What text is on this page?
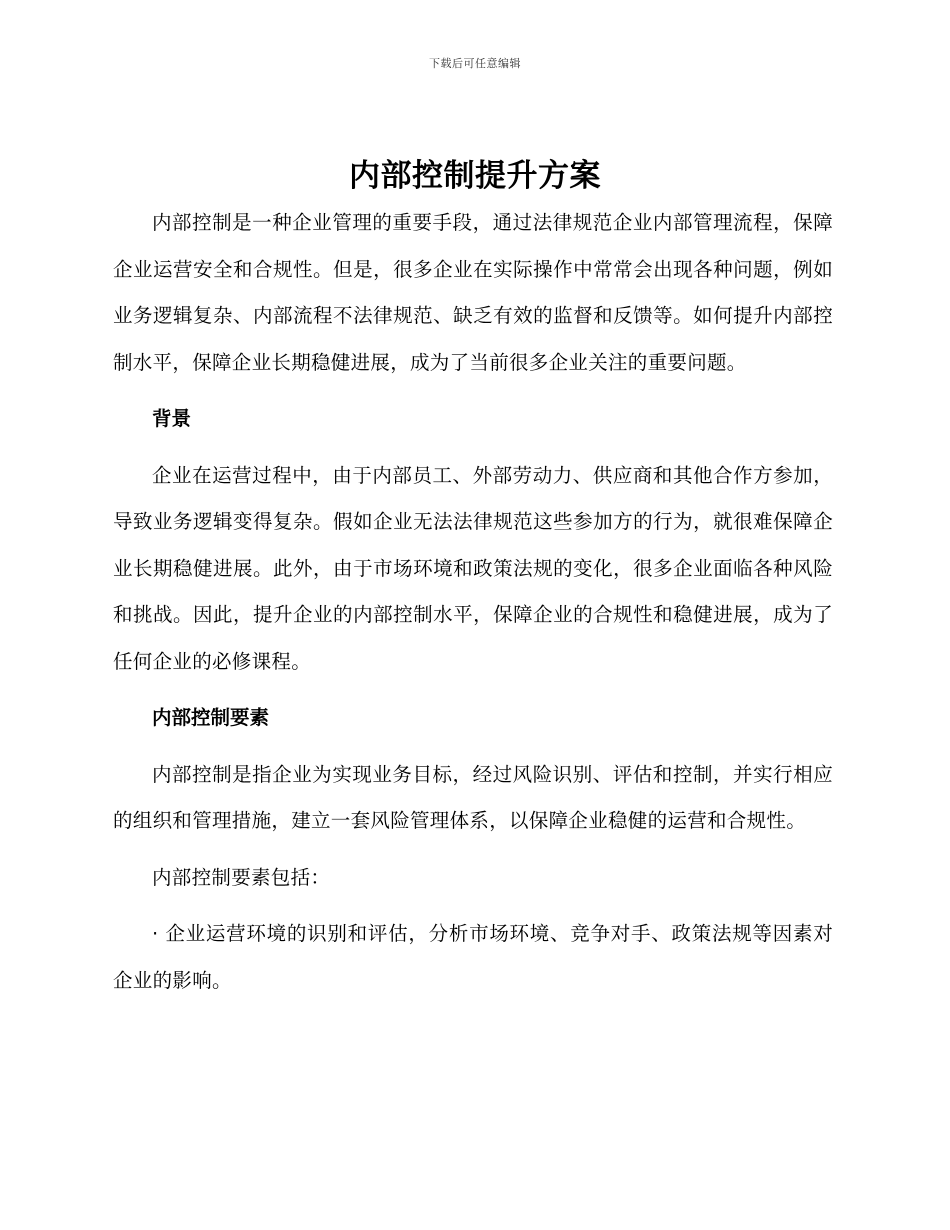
下载后可任意编辑
内部控制提升方案

内部控制是一种企业管理的重要手段，通过法律规范企业内部管理流程，保障企业运营安全和合规性。但是，很多企业在实际操作中常常会出现各种问题，例如业务逻辑复杂、内部流程不法律规范、缺乏有效的监督和反馈等。如何提升内部控制水平，保障企业长期稳健进展，成为了当前很多企业关注的重要问题。

背景

企业在运营过程中，由于内部员工、外部劳动力、供应商和其他合作方参加，导致业务逻辑变得复杂。假如企业无法法律规范这些参加方的行为，就很难保障企业长期稳健进展。此外，由于市场环境和政策法规的变化，很多企业面临各种风险和挑战。因此，提升企业的内部控制水平，保障企业的合规性和稳健进展，成为了任何企业的必修课程。

内部控制要素

内部控制是指企业为实现业务目标，经过风险识别、评估和控制，并实行相应的组织和管理措施，建立一套风险管理体系，以保障企业稳健的运营和合规性。

内部控制要素包括：

· 企业运营环境的识别和评估，分析市场环境、竞争对手、政策法规等因素对企业的影响。
